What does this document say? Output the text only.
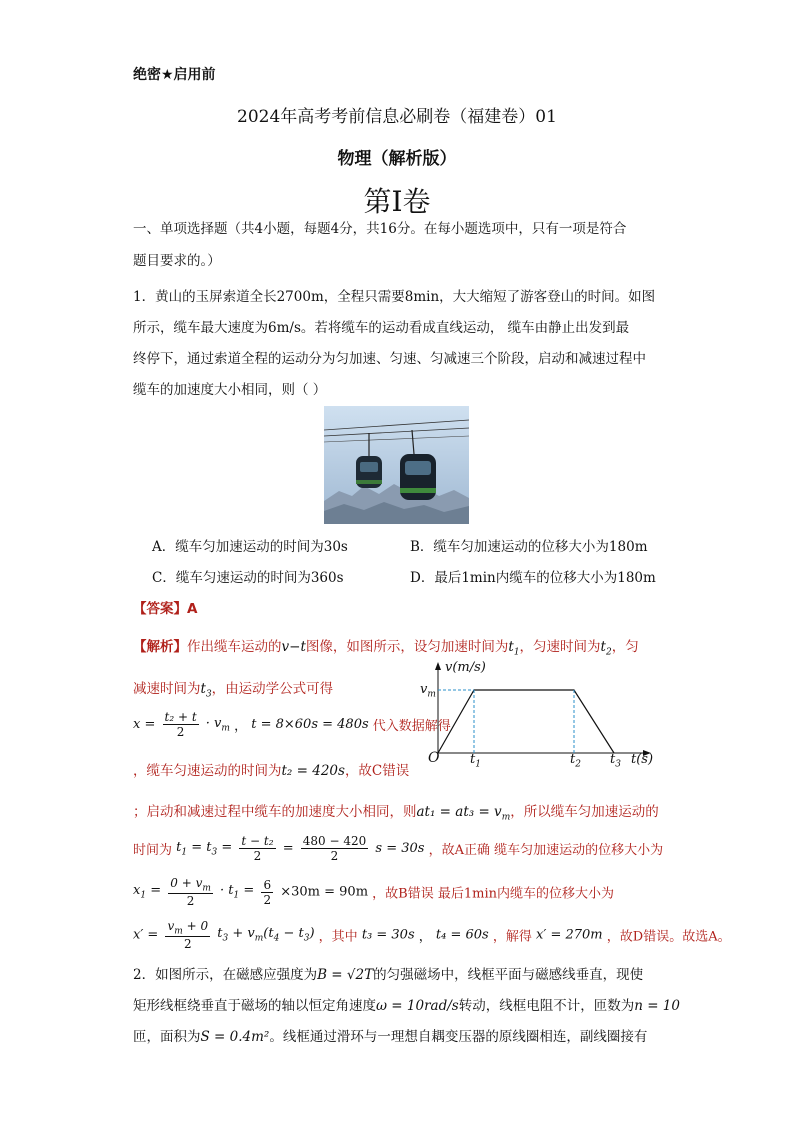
绝密★启用前
2024年高考考前信息必刷卷（福建卷）01
物理（解析版）
第I卷
一、单项选择题（共4小题，每题4分，共16分。在每小题选项中，只有一项是符合
题目要求的。）
1．黄山的玉屏索道全长2700m，全程只需要8min，大大缩短了游客登山的时间。如图
所示，缆车最大速度为6m/s。若将缆车的运动看成直线运动， 缆车由静止出发到最
终停下，通过索道全程的运动分为匀加速、匀速、匀减速三个阶段，启动和减速过程中
缆车的加速度大小相同，则（ ）
A．缆车匀加速运动的时间为30s	B．缆车匀加速运动的位移大小为180m
C．缆车匀速运动的时间为360s	D．最后1min内缆车的位移大小为180m
【答案】A
【解析】作出缆车运动的v−t图像，如图所示，设匀加速时间为$t_1$，匀速时间为$t_2$，匀
减速时间为$t_3$，由运动学公式可得
$x = \frac{\text{t₂ + t}}{2} \cdot v_m$ ， t = 8×60s = 480s 代入数据解得
，缆车匀速运动的时间为t₂ = 420s，故C错误
v(m/s)
$v_m$
O $t_1$	$t_2$ $t_3$ t(s)
；启动和减速过程中缆车的加速度大小相同，则$at_1 = at_3 = v_m$，所以缆车匀加速运动的
时间为 $t_1 = t_3 = \frac{\text{t − t₂}}{2} = \frac{480 - 420}{2}$ s = 30s ，故A正确 缆车匀加速运动的位移大小为
$x_1 = \frac{0 + v_m}{2} \cdot t_1 = \frac{6}{2} \times 30m = 90m$ ，故B错误 最后1min内缆车的位移大小为
$x' = \frac{v_m + 0}{2} t_3 + v_m(t_4 - t_3)$ ，其中 t₃ = 30s ， t₄ = 60s ，解得 x′ = 270m ，故D错误。故选A。
2．如图所示，在磁感应强度为B = √2T的匀强磁场中，线框平面与磁感线垂直，现使
矩形线框绕垂直于磁场的轴以恒定角速度ω = 10rad/s转动，线框电阻不计，匝数为n = 10
匝，面积为S = 0.4m²。线框通过滑环与一理想自耦变压器的原线圈相连，副线圈接有
